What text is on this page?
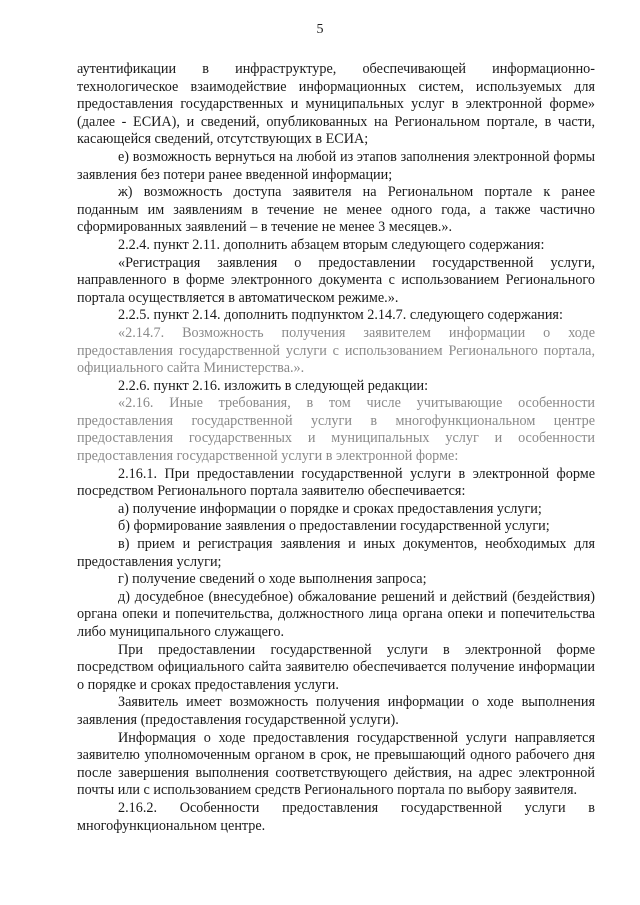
5

аутентификации в инфраструктуре, обеспечивающей информационно-технологическое взаимодействие информационных систем, используемых для предоставления государственных и муниципальных услуг в электронной форме» (далее - ЕСИА), и сведений, опубликованных на Региональном портале, в части, касающейся сведений, отсутствующих в ЕСИА;

е) возможность вернуться на любой из этапов заполнения электронной формы заявления без потери ранее введенной информации;

ж) возможность доступа заявителя на Региональном портале к ранее поданным им заявлениям в течение не менее одного года, а также частично сформированных заявлений – в течение не менее 3 месяцев.».

2.2.4. пункт 2.11. дополнить абзацем вторым следующего содержания:

«Регистрация заявления о предоставлении государственной услуги, направленного в форме электронного документа с использованием Регионального портала осуществляется в автоматическом режиме.».

2.2.5. пункт 2.14. дополнить подпунктом 2.14.7. следующего содержания:

«2.14.7. Возможность получения заявителем информации о ходе предоставления государственной услуги с использованием Регионального портала, официального сайта Министерства.».

2.2.6. пункт 2.16. изложить в следующей редакции:

«2.16. Иные требования, в том числе учитывающие особенности предоставления государственной услуги в многофункциональном центре предоставления государственных и муниципальных услуг и особенности предоставления государственной услуги в электронной форме:

2.16.1. При предоставлении государственной услуги в электронной форме посредством Регионального портала заявителю обеспечивается:

а) получение информации о порядке и сроках предоставления услуги;

б) формирование заявления о предоставлении государственной услуги;

в) прием и регистрация заявления и иных документов, необходимых для предоставления услуги;

г) получение сведений о ходе выполнения запроса;

д) досудебное (внесудебное) обжалование решений и действий (бездействия) органа опеки и попечительства, должностного лица органа опеки и попечительства либо муниципального служащего.

При предоставлении государственной услуги в электронной форме посредством официального сайта заявителю обеспечивается получение информации о порядке и сроках предоставления услуги.

Заявитель имеет возможность получения информации о ходе выполнения заявления (предоставления государственной услуги).

Информация о ходе предоставления государственной услуги направляется заявителю уполномоченным органом в срок, не превышающий одного рабочего дня после завершения выполнения соответствующего действия, на адрес электронной почты или с использованием средств Регионального портала по выбору заявителя.

2.16.2. Особенности предоставления государственной услуги в многофункциональном центре.
